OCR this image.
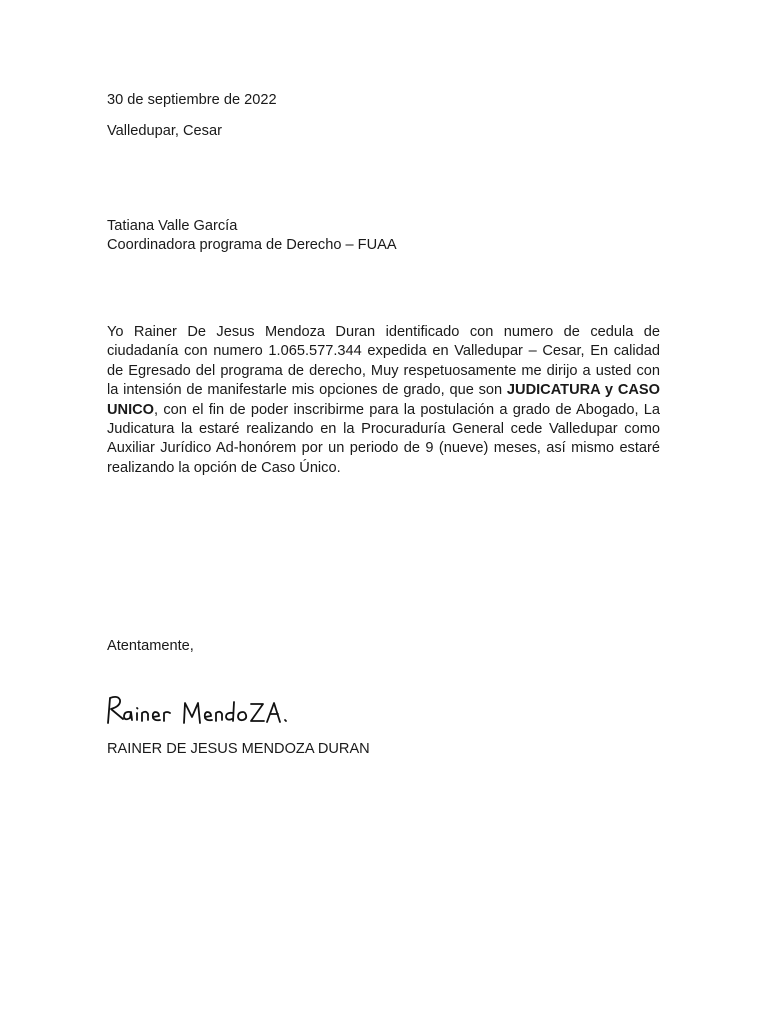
30 de septiembre de 2022
Valledupar, Cesar
Tatiana Valle García
Coordinadora programa de Derecho – FUAA
Yo Rainer De Jesus Mendoza Duran identificado con numero de cedula de ciudadanía con numero 1.065.577.344 expedida en Valledupar – Cesar, En calidad de Egresado del programa de derecho, Muy respetuosamente me dirijo a usted con la intensión de manifestarle mis opciones de grado, que son JUDICATURA y CASO UNICO, con el fin de poder inscribirme para la postulación a grado de Abogado, La Judicatura la estaré realizando en la Procuraduría General cede Valledupar como Auxiliar Jurídico Ad-honórem por un periodo de 9 (nueve) meses, así mismo estaré realizando la opción de Caso Único.
Atentamente,
RAINER DE JESUS MENDOZA DURAN
